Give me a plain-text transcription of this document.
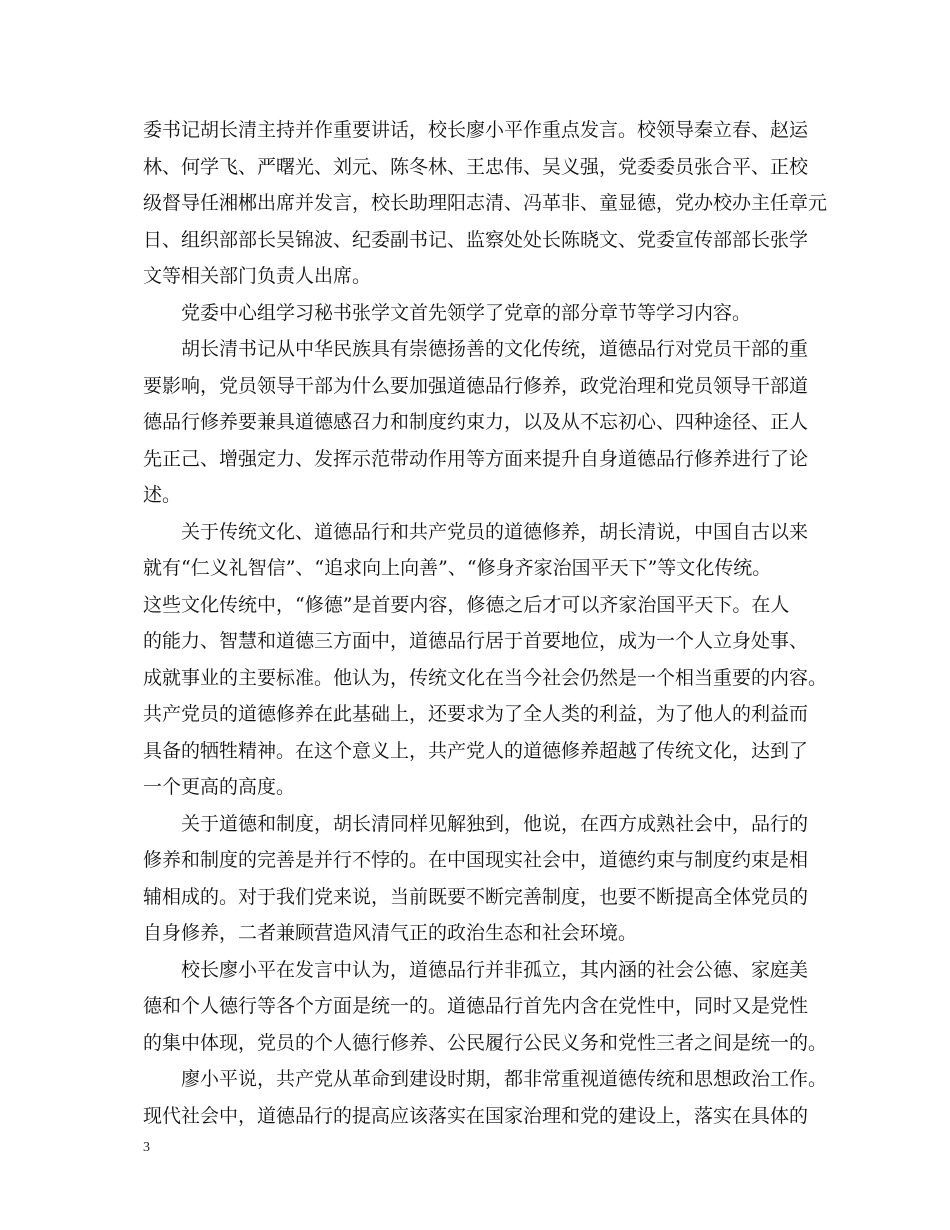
委书记胡长清主持并作重要讲话，校长廖小平作重点发言。校领导秦立春、赵运
林、何学飞、严曙光、刘元、陈冬林、王忠伟、吴义强，党委委员张合平、正校
级督导任湘郴出席并发言，校长助理阳志清、冯革非、童显德，党办校办主任章元
日、组织部部长吴锦波、纪委副书记、监察处处长陈晓文、党委宣传部部长张学
文等相关部门负责人出席。
党委中心组学习秘书张学文首先领学了党章的部分章节等学习内容。
胡长清书记从中华民族具有崇德扬善的文化传统，道德品行对党员干部的重
要影响，党员领导干部为什么要加强道德品行修养，政党治理和党员领导干部道
德品行修养要兼具道德感召力和制度约束力，以及从不忘初心、四种途径、正人
先正己、增强定力、发挥示范带动作用等方面来提升自身道德品行修养进行了论
述。
关于传统文化、道德品行和共产党员的道德修养，胡长清说，中国自古以来
就有“仁义礼智信”、“追求向上向善”、“修身齐家治国平天下”等文化传统。
这些文化传统中，“修德”是首要内容，修德之后才可以齐家治国平天下。在人
的能力、智慧和道德三方面中，道德品行居于首要地位，成为一个人立身处事、
成就事业的主要标准。他认为，传统文化在当今社会仍然是一个相当重要的内容。
共产党员的道德修养在此基础上，还要求为了全人类的利益，为了他人的利益而
具备的牺牲精神。在这个意义上，共产党人的道德修养超越了传统文化，达到了
一个更高的高度。
关于道德和制度，胡长清同样见解独到，他说，在西方成熟社会中，品行的
修养和制度的完善是并行不悖的。在中国现实社会中，道德约束与制度约束是相
辅相成的。对于我们党来说，当前既要不断完善制度，也要不断提高全体党员的
自身修养，二者兼顾营造风清气正的政治生态和社会环境。
校长廖小平在发言中认为，道德品行并非孤立，其内涵的社会公德、家庭美
德和个人德行等各个方面是统一的。道德品行首先内含在党性中，同时又是党性
的集中体现，党员的个人德行修养、公民履行公民义务和党性三者之间是统一的。
廖小平说，共产党从革命到建设时期，都非常重视道德传统和思想政治工作。
现代社会中，道德品行的提高应该落实在国家治理和党的建设上，落实在具体的
3
